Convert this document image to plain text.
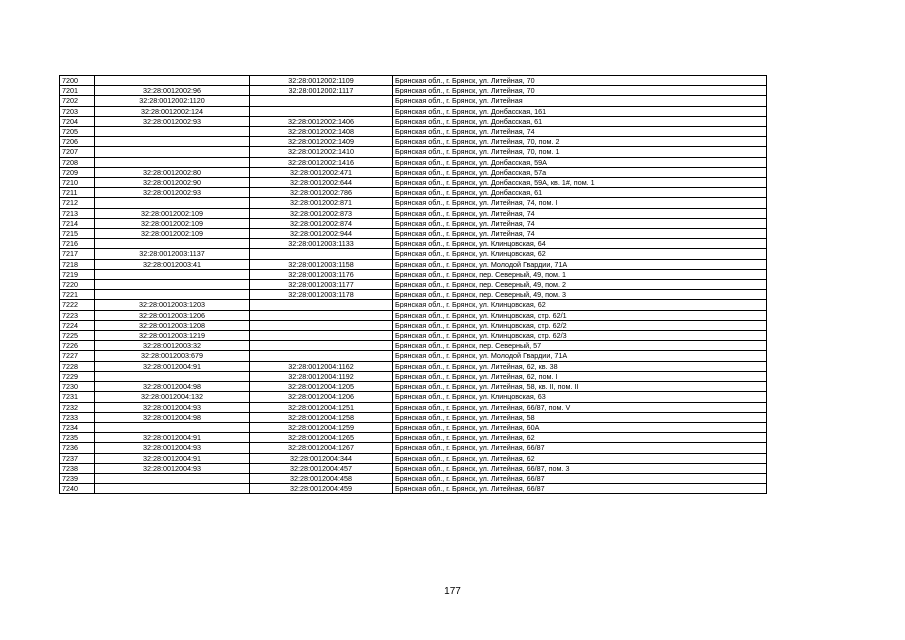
7200		32:28:0012002:1109	Брянская обл., г. Брянск, ул. Литейная, 70
7201	32:28:0012002:96	32:28:0012002:1117	Брянская обл., г. Брянск, ул. Литейная, 70
7202	32:28:0012002:1120		Брянская обл., г. Брянск, ул. Литейная
7203	32:28:0012002:124		Брянская обл., г. Брянск, ул. Донбасская, 161
7204	32:28:0012002:93	32:28:0012002:1406	Брянская обл., г. Брянск, ул. Донбасская, 61
7205		32:28:0012002:1408	Брянская обл., г. Брянск, ул. Литейная, 74
7206		32:28:0012002:1409	Брянская обл., г. Брянск, ул. Литейная, 70, пом. 2
7207		32:28:0012002:1410	Брянская обл., г. Брянск, ул. Литейная, 70, пом. 1
7208		32:28:0012002:1416	Брянская обл., г. Брянск, ул. Донбасская, 59А
7209	32:28:0012002:80	32:28:0012002:471	Брянская обл., г. Брянск, ул. Донбасская, 57а
7210	32:28:0012002:90	32:28:0012002:644	Брянская обл., г. Брянск, ул. Донбасская, 59А, кв. 1#, пом. 1
7211	32:28:0012002:93	32:28:0012002:786	Брянская обл., г. Брянск, ул. Донбасская, 61
7212		32:28:0012002:871	Брянская обл., г. Брянск, ул. Литейная, 74, пом. I
7213	32:28:0012002:109	32:28:0012002:873	Брянская обл., г. Брянск, ул. Литейная, 74
7214	32:28:0012002:109	32:28:0012002:874	Брянская обл., г. Брянск, ул. Литейная, 74
7215	32:28:0012002:109	32:28:0012002:944	Брянская обл., г. Брянск, ул. Литейная, 74
7216		32:28:0012003:1133	Брянская обл., г. Брянск, ул. Клинцовская, 64
7217	32:28:0012003:1137		Брянская обл., г. Брянск, ул. Клинцовская, 62
7218	32:28:0012003:41	32:28:0012003:1158	Брянская обл., г. Брянск, ул. Молодой Гвардии, 71А
7219		32:28:0012003:1176	Брянская обл., г. Брянск, пер. Северный, 49, пом. 1
7220		32:28:0012003:1177	Брянская обл., г. Брянск, пер. Северный, 49, пом. 2
7221		32:28:0012003:1178	Брянская обл., г. Брянск, пер. Северный, 49, пом. 3
7222	32:28:0012003:1203		Брянская обл., г. Брянск, ул. Клинцовская, 62
7223	32:28:0012003:1206		Брянская обл., г. Брянск, ул. Клинцовская, стр. 62/1
7224	32:28:0012003:1208		Брянская обл., г. Брянск, ул. Клинцовская, стр. 62/2
7225	32:28:0012003:1219		Брянская обл., г. Брянск, ул. Клинцовская, стр. 62/3
7226	32:28:0012003:32		Брянская обл., г. Брянск, пер. Северный, 57
7227	32:28:0012003:679		Брянская обл., г. Брянск, ул. Молодой Гвардии, 71А
7228	32:28:0012004:91	32:28:0012004:1162	Брянская обл., г. Брянск, ул. Литейная, 62, кв. 38
7229		32:28:0012004:1192	Брянская обл., г. Брянск, ул. Литейная, 62, пом. I
7230	32:28:0012004:98	32:28:0012004:1205	Брянская обл., г. Брянск, ул. Литейная, 58, кв. II, пом. II
7231	32:28:0012004:132	32:28:0012004:1206	Брянская обл., г. Брянск, ул. Клинцовская, 63
7232	32:28:0012004:93	32:28:0012004:1251	Брянская обл., г. Брянск, ул. Литейная, 66/87, пом. V
7233	32:28:0012004:98	32:28:0012004:1258	Брянская обл., г. Брянск, ул. Литейная, 58
7234		32:28:0012004:1259	Брянская обл., г. Брянск, ул. Литейная, 60А
7235	32:28:0012004:91	32:28:0012004:1265	Брянская обл., г. Брянск, ул. Литейная, 62
7236	32:28:0012004:93	32:28:0012004:1267	Брянская обл., г. Брянск, ул. Литейная, 66/87
7237	32:28:0012004:91	32:28:0012004:344	Брянская обл., г. Брянск, ул. Литейная, 62
7238	32:28:0012004:93	32:28:0012004:457	Брянская обл., г. Брянск, ул. Литейная, 66/87, пом. 3
7239		32:28:0012004:458	Брянская обл., г. Брянск, ул. Литейная, 66/87
7240		32:28:0012004:459	Брянская обл., г. Брянск, ул. Литейная, 66/87
177
